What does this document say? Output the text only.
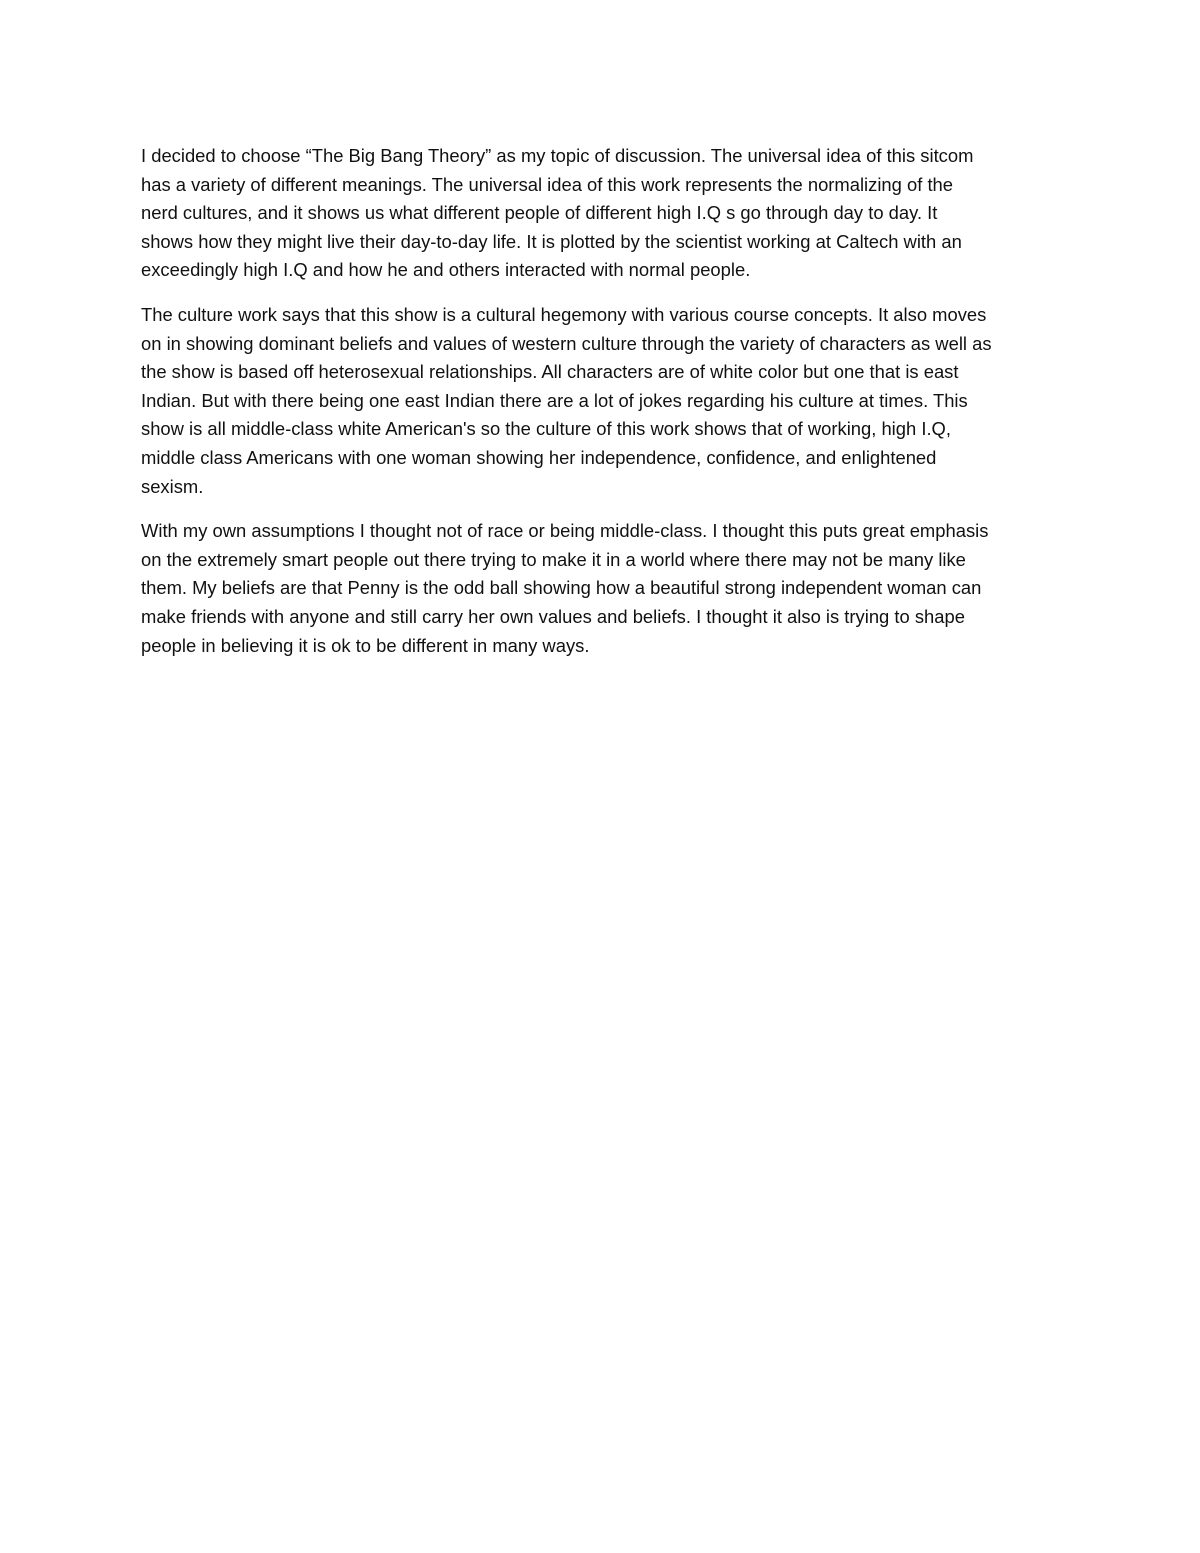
I decided to choose “The Big Bang Theory” as my topic of discussion. The universal idea of this sitcom
has a variety of different meanings. The universal idea of this work represents the normalizing of the
nerd cultures, and it shows us what different people of different high I.Q s go through day to day. It
shows how they might live their day-to-day life. It is plotted by the scientist working at Caltech with an
exceedingly high I.Q and how he and others interacted with normal people.
The culture work says that this show is a cultural hegemony with various course concepts. It also moves
on in showing dominant beliefs and values of western culture through the variety of characters as well as
the show is based off heterosexual relationships. All characters are of white color but one that is east
Indian. But with there being one east Indian there are a lot of jokes regarding his culture at times. This
show is all middle-class white American's so the culture of this work shows that of working, high I.Q,
middle class Americans with one woman showing her independence, confidence, and enlightened
sexism.
With my own assumptions I thought not of race or being middle-class. I thought this puts great emphasis
on the extremely smart people out there trying to make it in a world where there may not be many like
them. My beliefs are that Penny is the odd ball showing how a beautiful strong independent woman can
make friends with anyone and still carry her own values and beliefs. I thought it also is trying to shape
people in believing it is ok to be different in many ways.
